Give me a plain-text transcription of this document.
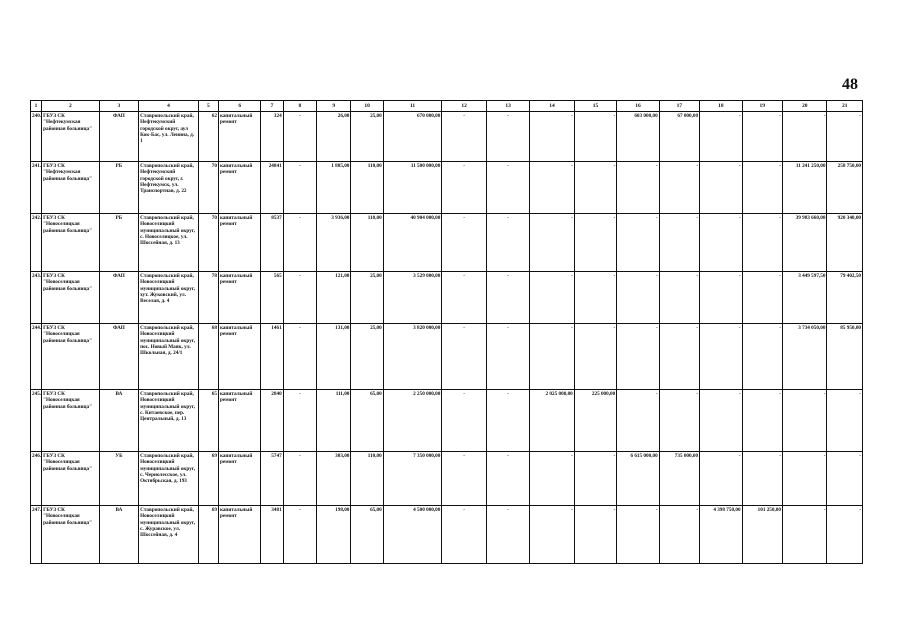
48
1	2	3	4	5	6	7	8	9	10	11	12	13	14	15	16	17	18	19	20	21
240.	ГБУЗ СК "Нефтекумская районная больница"	ФАП	Ставропольский край, Нефтекумский городской округ, аул Кок-Бас, ул. Ленина, д. 1	62	капитальный ремонт	324	-	26,00	25,00	670 000,00	-	-	-	-	603 000,00	67 000,00	-	-	-	-
241.	ГБУЗ СК "Нефтекумская районная больница"	РБ	Ставропольский край, Нефтекумский городской округ, г. Нефтекумск, ул. Транспортная, д. 22	70	капитальный ремонт	24841	-	1 885,00	110,00	11 500 000,00	-	-	-	-	-	-	-	-	11 241 250,00	258 750,00
242.	ГБУЗ СК "Новоселицкая районная больница"	РБ	Ставропольский край, Новоселицкий муниципальный округ, с. Новоселицкое, ул. Шоссейная, д. 13	70	капитальный ремонт	8537	-	3 936,00	110,00	40 904 000,00	-	-	-	-	-	-	-	-	39 983 660,00	920 340,00
243.	ГБУЗ СК "Новоселицкая районная больница"	ФАП	Ставропольский край, Новоселицкий муниципальный округ, хут. Жуковский, ул. Веселая, д. 4	78	капитальный ремонт	565	-	121,00	25,00	3 529 000,00	-	-	-	-	-	-	-	-	3 449 597,50	79 402,50
244.	ГБУЗ СК "Новоселицкая районная больница"	ФАП	Ставропольский край, Новоселицкий муниципальный округ, пос. Новый Маяк, ул. Школьная, д. 24/1	68	капитальный ремонт	1461	-	131,00	25,00	3 820 000,00	-	-	-	-	-	-	-	-	3 734 050,00	85 950,00
245.	ГБУЗ СК "Новоселицкая районная больница"	ВА	Ставропольский край, Новоселицкий муниципальный округ, с. Китаевское, пер. Центральный, д. 13	65	капитальный ремонт	2840	-	111,00	65,00	2 250 000,00	-	-	2 025 000,00	225 000,00	-	-	-	-	-	-
246.	ГБУЗ СК "Новоселицкая районная больница"	УБ	Ставропольский край, Новоселицкий муниципальный округ, с. Чернолесское, ул. Октябрьская, д. 193	69	капитальный ремонт	5747	-	303,00	110,00	7 350 000,00	-	-	-	-	6 615 000,00	735 000,00	-	-	-	-
247.	ГБУЗ СК "Новоселицкая районная больница"	ВА	Ставропольский край, Новоселицкий муниципальный округ, с. Журавское, ул. Шоссейная, д. 4	69	капитальный ремонт	3481	-	198,00	65,00	4 500 000,00	-	-	-	-	-	-	4 398 750,00	101 250,00	-	-
